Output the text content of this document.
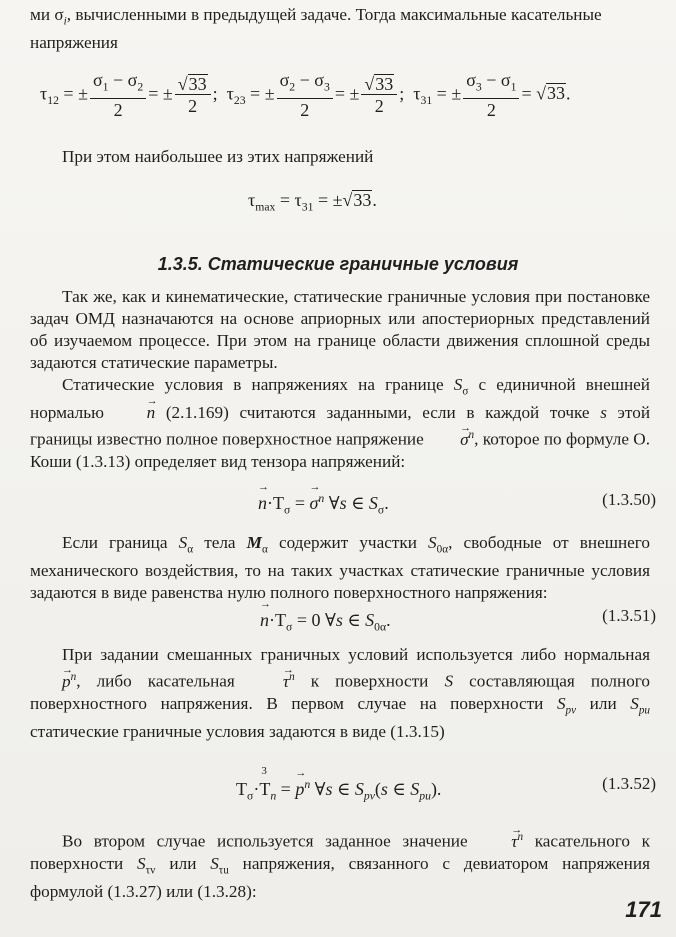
ми $\sigma_i$, вычисленными в предыдущей задаче. Тогда максимальные касательные
напряжения
$\tau_{12}$ = ± $\frac{\sigma_1 - \sigma_2}{2}$ = ± $\frac{√33}{2}$ ;  $\tau_{23}$ = ± $\frac{\sigma_2 - \sigma_3}{2}$ = ± $\frac{√33}{2}$ ;  $\tau_{31}$ = ± $\frac{\sigma_3 - \sigma_1}{2} = √33$.
При этом наибольшее из этих напряжений
$\tau_{max} = \tau_{31} = \pm√33$.
1.3.5. Статические граничные условия

Так же, как и кинематические, статические граничные условия при постановке задач ОМД назначаются на основе априорных или апостериорных представлений об изучаемом процессе. При этом на границе области движения сплошной среды задаются статические параметры.

Статические условия в напряжениях на границе $S_\sigma$ с единичной внешней нормалью n → (2.1.169) считаются заданными, если в каждой точке s этой границы известно полное поверхностное напряжение σ →$^n$, которое по формуле О. Коши (1.3.13) определяет вид тензора напряжений:

$n \to\cdot T_\sigma = \sigma \to^n$ ∀s ∈ $S_\sigma$.	(1.3.50)

Если граница $S_\alpha$ тела $M_\alpha$ содержит участки $S_{0\alpha}$, свободные от внешнего механического воздействия, то на таких участках статические граничные условия задаются в виде равенства нулю полного поверхностного напряжения:

$n \to\cdot T_\sigma = 0$ ∀s ∈ $S_{0\alpha}$.	(1.3.51)

При задании смешанных граничных условий используется либо нормальная p →$^n$, либо касательная τ →$^n$ к поверхности S составляющая полного поверхностного напряжения. В первом случае на поверхности $S_{pv}$ или $S_{pu}$ статические граничные условия задаются в виде (1.3.15)

$T_\sigma\cdot$
3
$T_n = p \to^n$ ∀s ∈ $S_{pv}(s$ ∈ $S_{pu}$).	(1.3.52)

Во втором случае используется заданное значение τ →$^n$ касательного к поверхности $S_{\tau v}$ или $S_{\tau u}$ напряжения, связанного с девиатором напряжения формулой (1.3.27) или (1.3.28):

171
